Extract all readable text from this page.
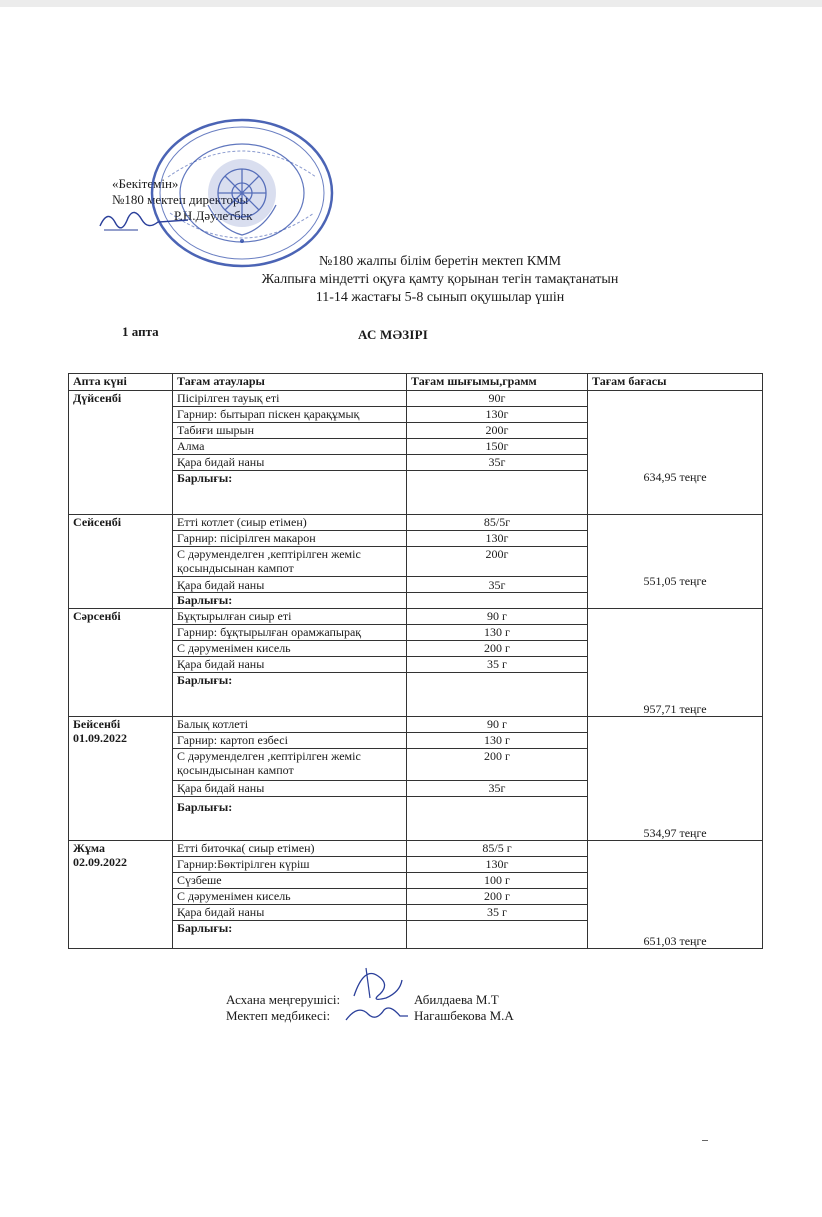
«Бекітемін»
№180 мектеп директоры
Р.Н.Дәулетбек
№180 жалпы білім беретін мектеп КММ
Жалпыға міндетті оқуға қамту қорынан тегін тамақтанатын
11-14 жастағы 5-8 сынып оқушылар үшін
1 апта	АС МӘЗІРІ
Апта күні	Тағам атаулары	Тағам шығымы,грамм	Тағам бағасы

Дүйсенбі	Пісірілген тауық еті	90г	634,95 теңге

	Гарнир: бытырап піскен қарақұмық	130г	
	Табиғи шырын	200г	
	Алма	150г	
	Қара бидай наны	35г	
	Барлығы:		

Сейсенбі	Етті котлет (сиыр етімен)	85/5г	551,05 теңге

	Гарнир: пісірілген макарон	130г	
	С дәруменделген ,кептірілген жеміс қосындысынан кампот	200г	
	Қара бидай наны	35г	
	Барлығы:		

Сәрсенбі	Бұқтырылған сиыр еті	90 г	957,71 теңге

	Гарнир: бұқтырылған орамжапырақ	130 г	
	С дәруменімен кисель	200 г	
	Қара бидай наны	35 г	
	Барлығы:		

Бейсенбі
01.09.2022	Балық котлеті	90 г	534,97 теңге

	Гарнир: картоп езбесі	130 г	
	С дәруменделген ,кептірілген жеміс қосындысынан кампот	200 г	
	Қара бидай наны	35г	
	Барлығы:		

Жұма
02.09.2022	Етті биточка( сиыр етімен)	85/5 г	651,03 теңге

	Гарнир:Бөктірілген күріш	130г	
	Сүзбеше	100 г	
	С дәруменімен кисель	200 г	
	Қара бидай наны	35 г	
	Барлығы:		
Асхана меңгерушісі:	Абилдаева М.Т
Мектеп медбикесі:	Нагашбекова М.А
